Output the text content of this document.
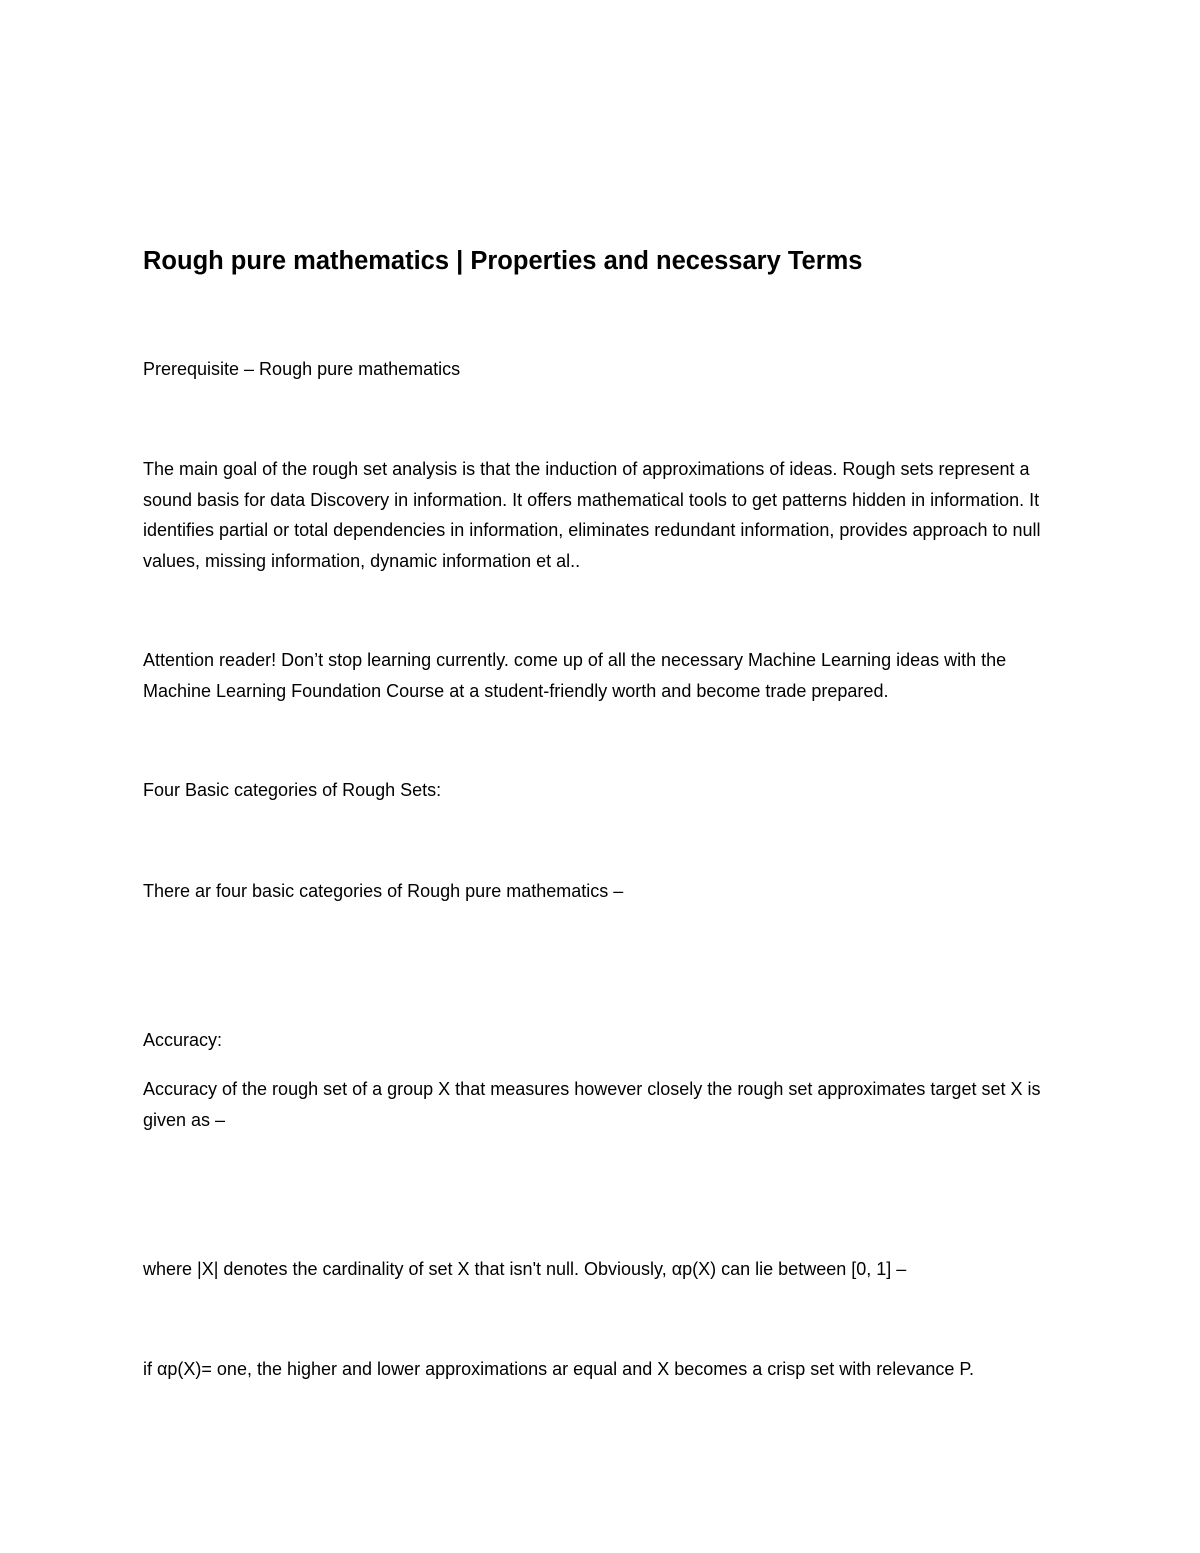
Rough pure mathematics | Properties and necessary Terms

Prerequisite – Rough pure mathematics

The main goal of the rough set analysis is that the induction of approximations of ideas. Rough sets represent a sound basis for data Discovery in information. It offers mathematical tools to get patterns hidden in information. It identifies partial or total dependencies in information, eliminates redundant information, provides approach to null values, missing information, dynamic information et al..

Attention reader! Don’t stop learning currently. come up of all the necessary Machine Learning ideas with the Machine Learning Foundation Course at a student-friendly worth and become trade prepared.

Four Basic categories of Rough Sets:

There ar four basic categories of Rough pure mathematics –

Accuracy:

Accuracy of the rough set of a group X that measures however closely the rough set approximates target set X is given as –

where |X| denotes the cardinality of set X that isn't null. Obviously, αp(X) can lie between [0, 1] –

if αp(X)= one, the higher and lower approximations ar equal and X becomes a crisp set with relevance P.
